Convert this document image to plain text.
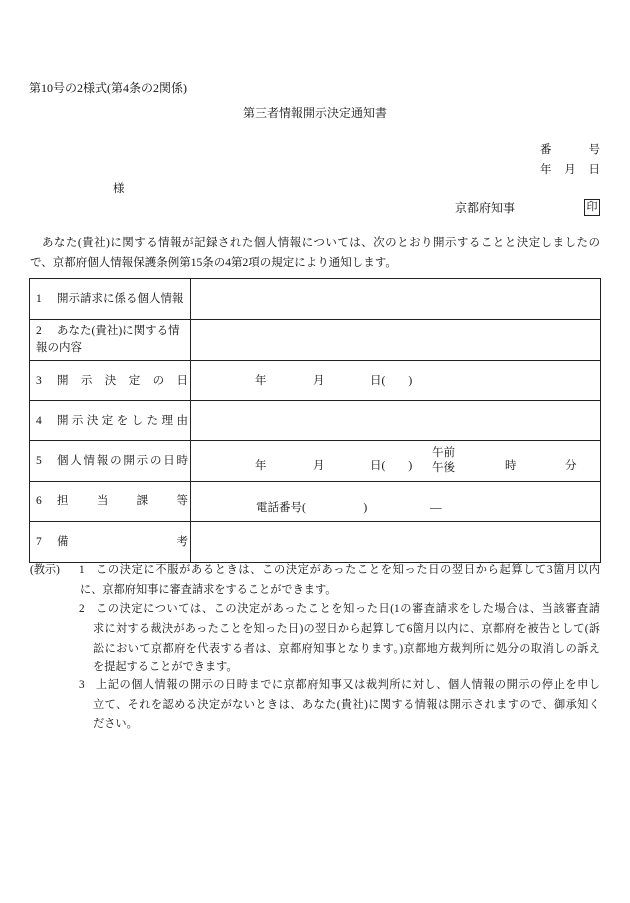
第10号の2様式(第4条の2関係)
第三者情報開示決定通知書
番　　号
年　月　日
様
京都府知事	印
　あなた(貴社)に関する情報が記録された個人情報については、次のとおり開示することと決定しましたの
で、京都府個人情報保護条例第15条の4第2項の規定により通知します。
1 開示請求に係る個人情報
2 あなた(貴社)に関する情
報の内容
3 開　示　決　定　の　日	年	月	日(　　)
4 開示決定をした理由
5 個人情報の開示の日時	年	月	日(　　)
午前
午後	時	分
6 担　当　課　等
電話番号(　　　　　)	―
7 備　　　考
(教示) 1 この決定に不服があるときは、この決定があったことを知った日の翌日から起算して3箇月以内
に、京都府知事に審査請求をすることができます。
2 この決定については、この決定があったことを知った日(1の審査請求をした場合は、当該審査請
求に対する裁決があったことを知った日)の翌日から起算して6箇月以内に、京都府を被告として(訴
訟において京都府を代表する者は、京都府知事となります。)京都地方裁判所に処分の取消しの訴え
を提起することができます。
3 上記の個人情報の開示の日時までに京都府知事又は裁判所に対し、個人情報の開示の停止を申し
立て、それを認める決定がないときは、あなた(貴社)に関する情報は開示されますので、御承知く
ださい。
